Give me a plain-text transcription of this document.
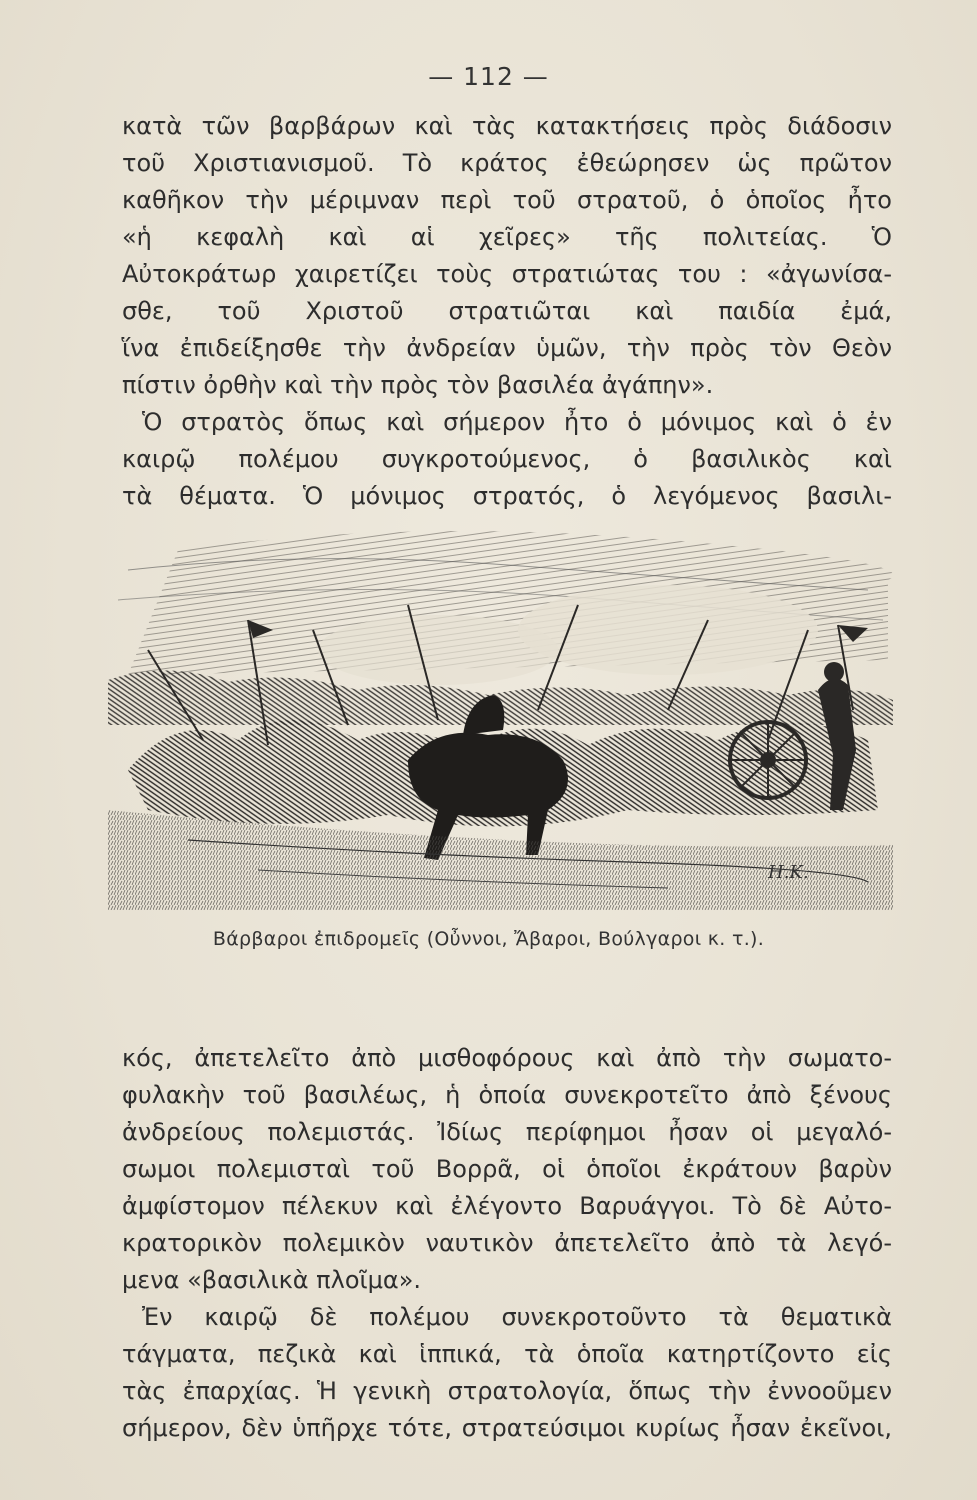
— 112 —
κατὰ τῶν βαρβάρων καὶ τὰς κατακτήσεις πρὸς διάδοσιν
τοῦ Χριστιανισμοῦ. Τὸ κράτος ἐθεώρησεν ὡς πρῶτον
καθῆκον τὴν μέριμναν περὶ τοῦ στρατοῦ, ὁ ὁποῖος ἦτο
«ἡ κεφαλὴ καὶ αἱ χεῖρες» τῆς πολιτείας. Ὁ
Αὐτοκράτωρ χαιρετίζει τοὺς στρατιώτας του : «ἀγωνίσα-
σθε, τοῦ Χριστοῦ στρατιῶται καὶ παιδία ἐμά,
ἵνα ἐπιδείξησθε τὴν ἀνδρείαν ὑμῶν, τὴν πρὸς τὸν Θεὸν
πίστιν ὀρθὴν καὶ τὴν πρὸς τὸν βασιλέα ἀγάπην».
Ὁ στρατὸς ὅπως καὶ σήμερον ἦτο ὁ μόνιμος καὶ ὁ ἐν
καιρῷ πολέμου συγκροτούμενος, ὁ βασιλικὸς καὶ
τὰ θέματα. Ὁ μόνιμος στρατός, ὁ λεγόμενος βασιλι-
H.K.
Βάρβαροι ἐπιδρομεῖς (Οὖννοι, Ἄβαροι, Βούλγαροι κ. τ.).
κός, ἀπετελεῖτο ἀπὸ μισθοφόρους καὶ ἀπὸ τὴν σωματο-
φυλακὴν τοῦ βασιλέως, ἡ ὁποία συνεκροτεῖτο ἀπὸ ξένους
ἀνδρείους πολεμιστάς. Ἰδίως περίφημοι ἦσαν οἱ μεγαλό-
σωμοι πολεμισταὶ τοῦ Βορρᾶ, οἱ ὁποῖοι ἐκράτουν βαρὺν
ἀμφίστομον πέλεκυν καὶ ἐλέγοντο Βαρυάγγοι. Τὸ δὲ Αὐτο-
κρατορικὸν πολεμικὸν ναυτικὸν ἀπετελεῖτο ἀπὸ τὰ λεγό-
μενα «βασιλικὰ πλοῖμα».
Ἐν καιρῷ δὲ πολέμου συνεκροτοῦντο τὰ θεματικὰ
τάγματα, πεζικὰ καὶ ἱππικά, τὰ ὁποῖα κατηρτίζοντο εἰς
τὰς ἐπαρχίας. Ἡ γενικὴ στρατολογία, ὅπως τὴν ἐννοοῦμεν
σήμερον, δὲν ὑπῆρχε τότε, στρατεύσιμοι κυρίως ἦσαν ἐκεῖνοι,
